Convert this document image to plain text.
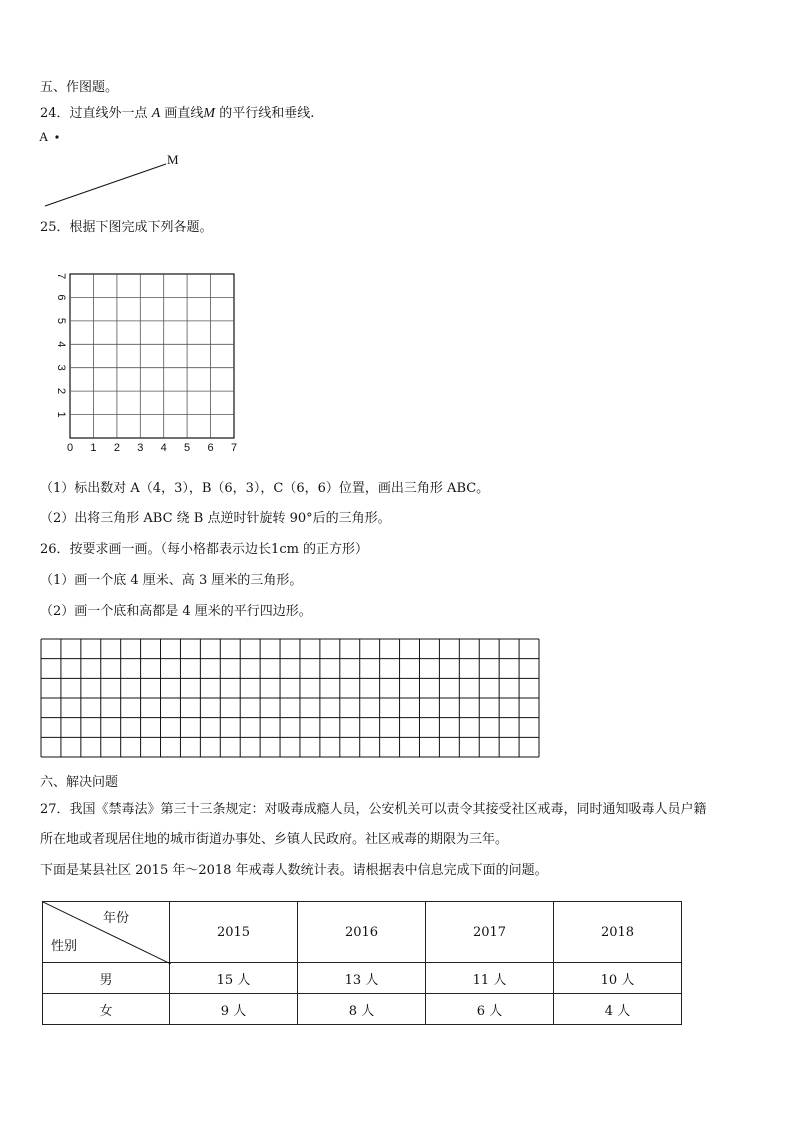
五、作图题。
24．过直线外一点 A 画直线M 的平行线和垂线.
A
M
25．根据下图完成下列各题。
0 1 2 3 4 5 6 7
1
2
3
4
5
6
7
（1）标出数对 A（4，3），B（6，3），C（6，6）位置，画出三角形 ABC。
（2）出将三角形 ABC 绕 B 点逆时针旋转 90°后的三角形。
26．按要求画一画。（每小格都表示边长1cm 的正方形）
（1）画一个底 4 厘米、高 3 厘米的三角形。
（2）画一个底和高都是 4 厘米的平行四边形。
六、解决问题
27．我国《禁毒法》第三十三条规定：对吸毒成瘾人员，公安机关可以责令其接受社区戒毒，同时通知吸毒人员户籍
所在地或者现居住地的城市街道办事处、乡镇人民政府。社区戒毒的期限为三年。
下面是某县社区 2015 年～2018 年戒毒人数统计表。请根据表中信息完成下面的问题。
年份
性别	2015	2016	2017	2018
男	15 人	13 人	11 人	10 人
女	9 人	8 人	6 人	4 人
